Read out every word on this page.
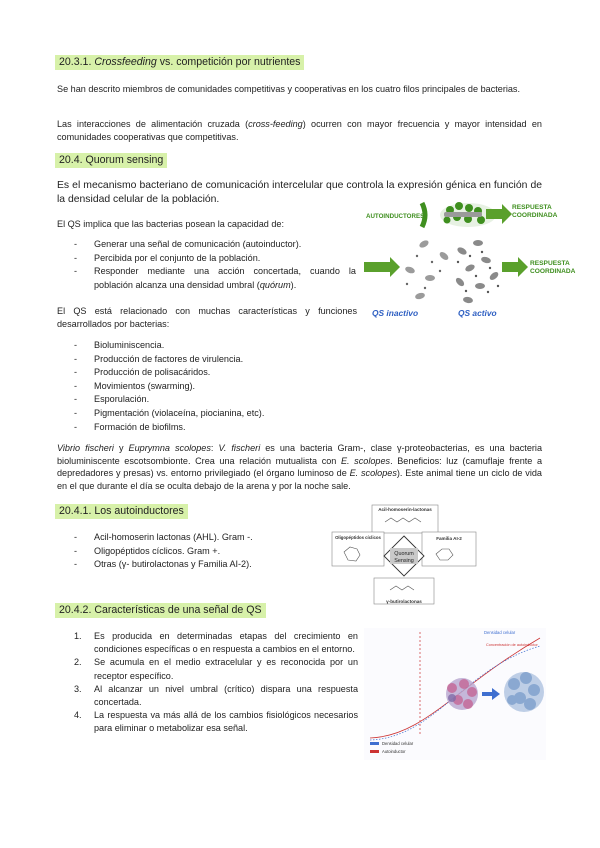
20.3.1. Crossfeeding vs. competición por nutrientes
Se han descrito miembros de comunidades competitivas y cooperativas en los cuatro filos principales de bacterias.
Las interacciones de alimentación cruzada (cross-feeding) ocurren con mayor frecuencia y mayor intensidad en comunidades cooperativas que competitivas.
20.4. Quorum sensing
Es el mecanismo bacteriano de comunicación intercelular que controla la expresión génica en función de la densidad celular de la población.
El QS implica que las bacterias posean la capacidad de:
- Generar una señal de comunicación (autoinductor).
- Percibida por el conjunto de la población.
- Responder mediante una acción concertada, cuando la población alcanza una densidad umbral (quórum).
El QS está relacionado con muchas características y funciones desarrollados por bacterias:
- Bioluminiscencia.
- Producción de factores de virulencia.
- Producción de polisacáridos.
- Movimientos (swarming).
- Esporulación.
- Pigmentación (violaceína, piocianina, etc).
- Formación de biofilms.
AUTOINDUCTORES
RESPUESTA
COORDINADA
RESPUESTA
COORDINADA
QS inactivo	QS activo
Vibrio fischeri y Euprymna scolopes: V. fischeri es una bacteria Gram-, clase γ-proteobacterias, es una bacteria bioluminiscente escotsombionte. Crea una relación mutualista con E. scolopes. Beneficios: luz (camuflaje frente a depredadores y presas) vs. entorno privilegiado (el órgano luminoso de E. scolopes). Este animal tiene un ciclo de vida en el que durante el día se oculta debajo de la arena y por la noche sale.
20.4.1. Los autoinductores
- Acil-homoserin lactonas (AHL). Gram -.
- Oligopéptidos cíclicos. Gram +.
- Otras (γ- butirolactonas y Familia AI-2).
Acil-homoserin-lactonas
Oligopéptidos cíclicos	Familia AI-2
Quorum
Sensing
γ-butirolactonas
20.4.2. Características de una señal de QS
1. Es producida en determinadas etapas del crecimiento en condiciones específicas o en respuesta a cambios en el entorno.
2. Se acumula en el medio extracelular y es reconocida por un receptor específico.
3. Al alcanzar un nivel umbral (crítico) dispara una respuesta concertada.
4. La respuesta va más allá de los cambios fisiológicos necesarios para eliminar o metabolizar esa señal.
Densidad celular
Concentración de autoinductor
Densidad celular
Autoinductor
